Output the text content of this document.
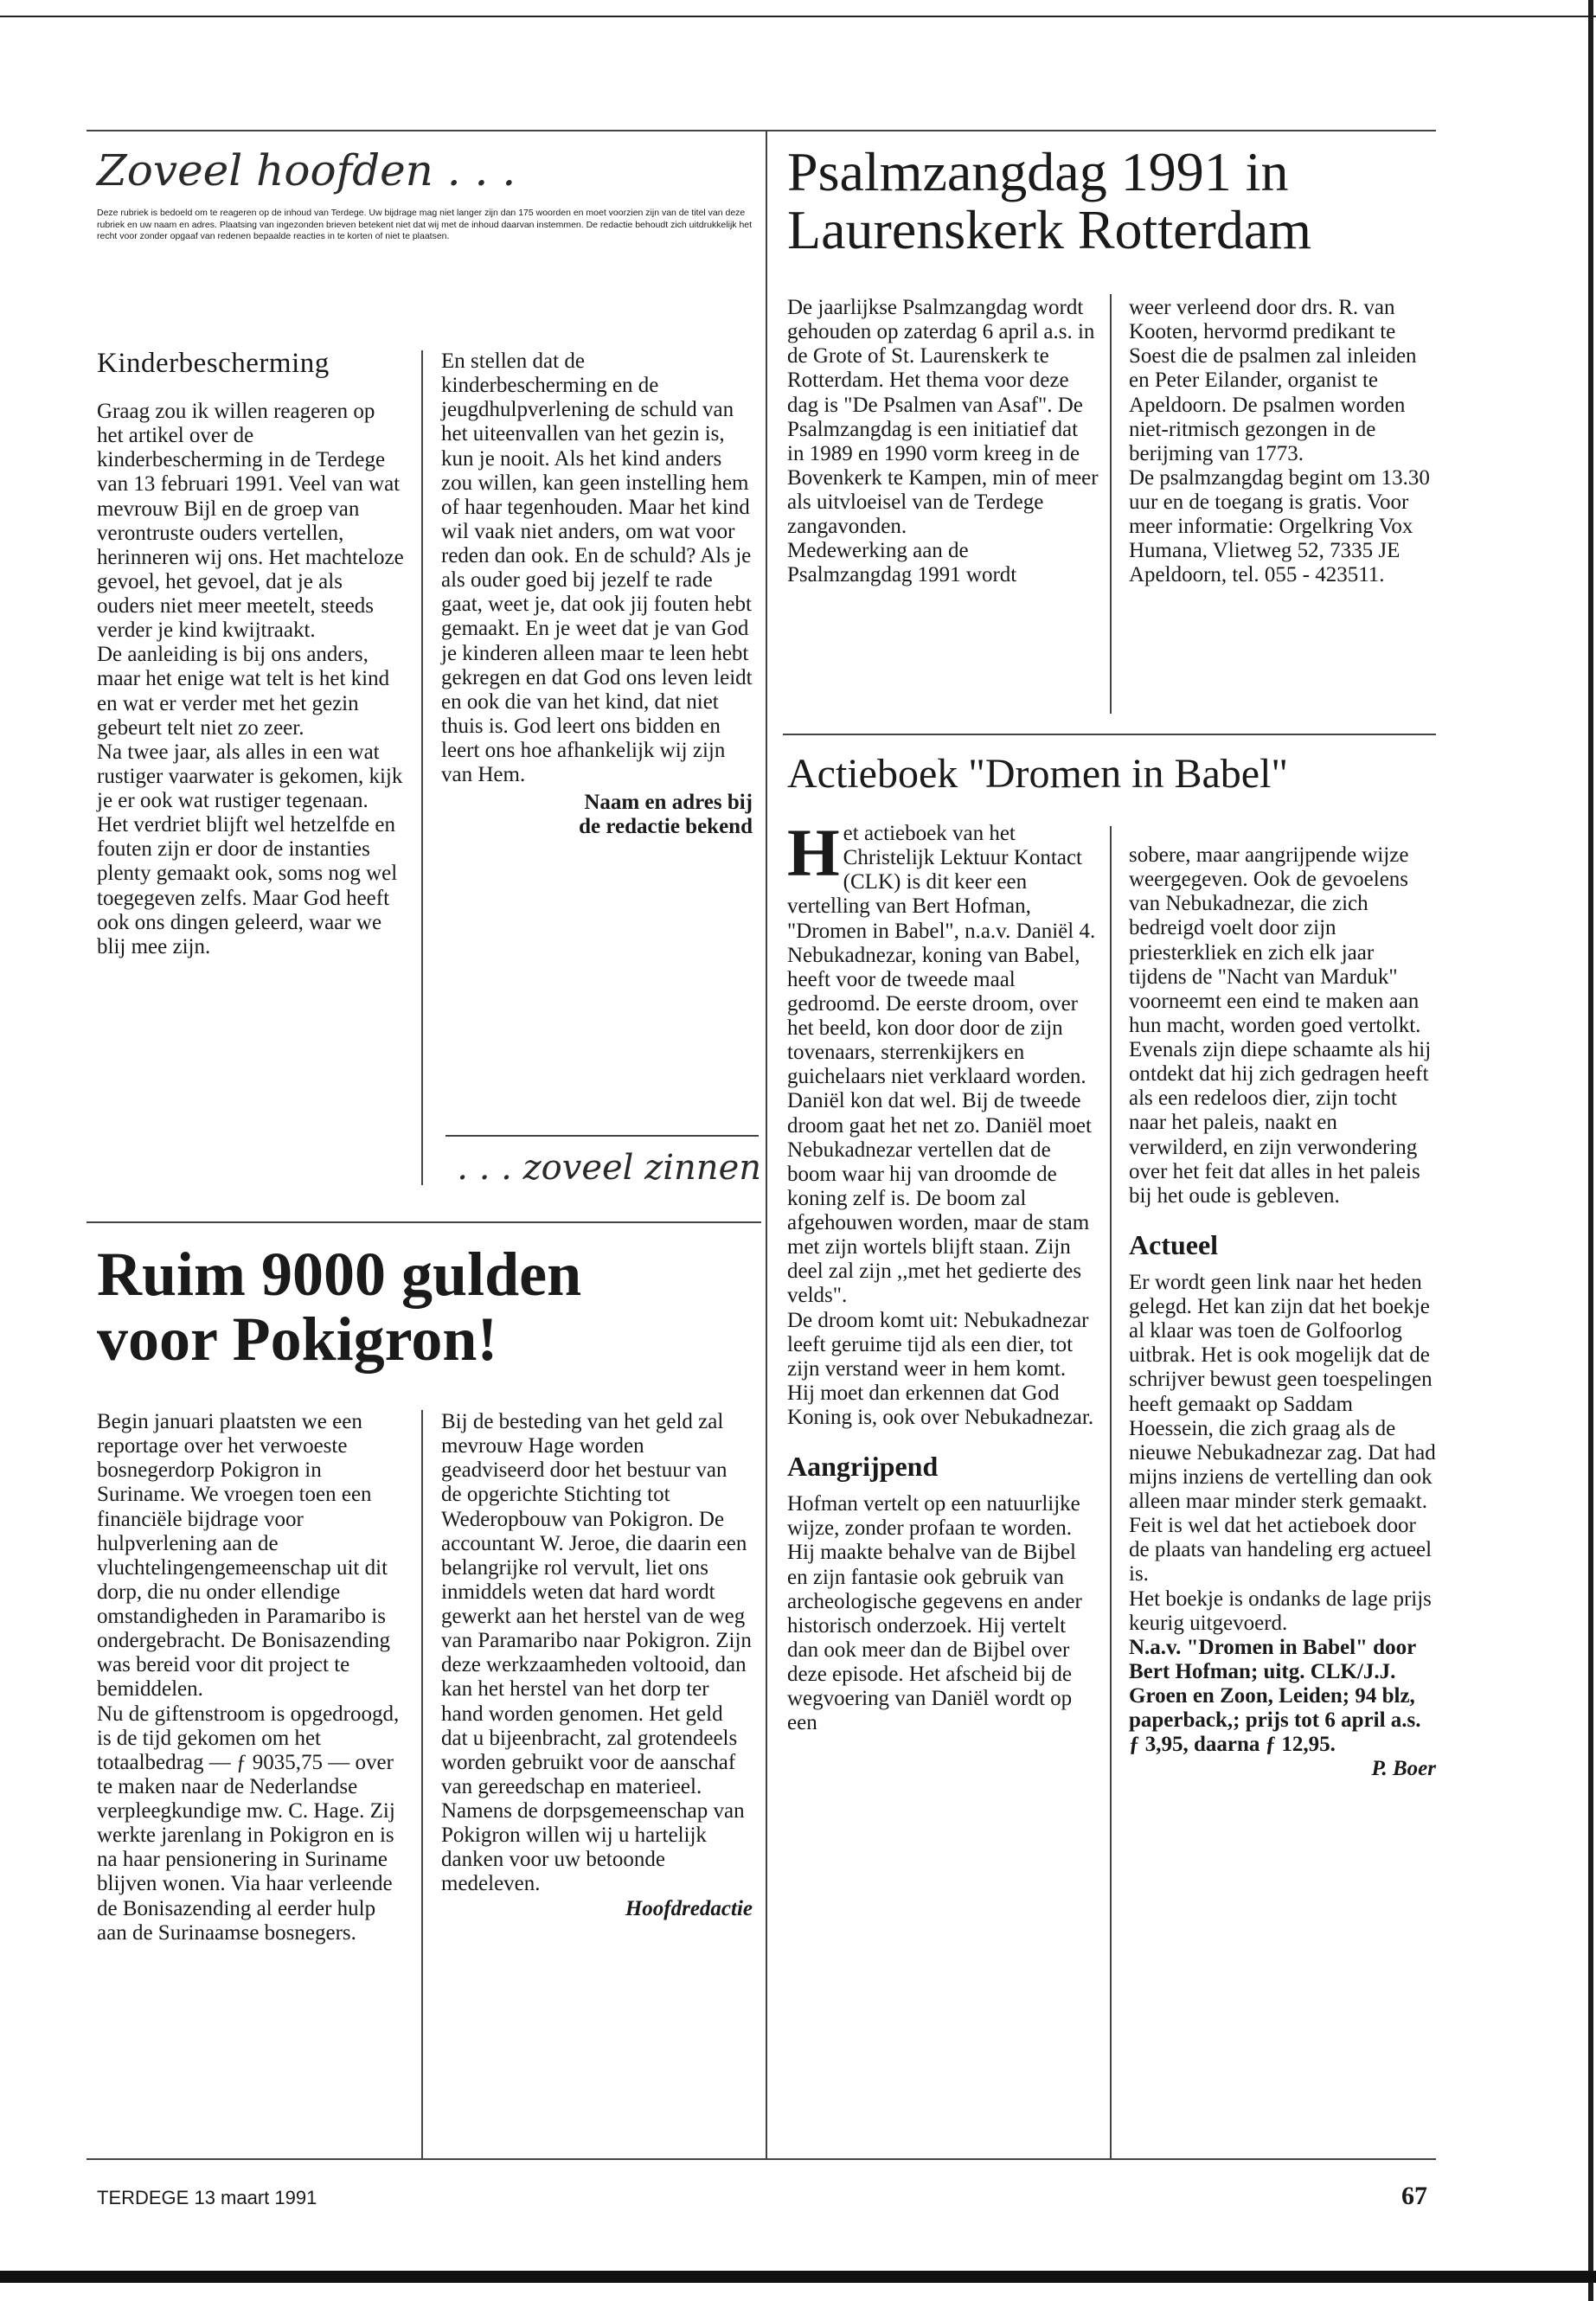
Zoveel hoofden . . .

Deze rubriek is bedoeld om te reageren op de inhoud van Terdege. Uw bijdrage mag niet langer zijn dan 175 woorden en moet voorzien zijn van de titel van deze rubriek en uw naam en adres. Plaatsing van ingezonden brieven betekent niet dat wij met de inhoud daarvan instemmen. De redactie behoudt zich uitdrukkelijk het recht voor zonder opgaaf van redenen bepaalde reacties in te korten of niet te plaatsen.

Kinderbescherming

Graag zou ik willen reageren op het artikel over de kinderbescherming in de Terdege van 13 februari 1991. Veel van wat mevrouw Bijl en de groep van verontruste ouders vertellen, herinneren wij ons. Het machteloze gevoel, het gevoel, dat je als ouders niet meer meetelt, steeds verder je kind kwijtraakt.

De aanleiding is bij ons anders, maar het enige wat telt is het kind en wat er verder met het gezin gebeurt telt niet zo zeer.

Na twee jaar, als alles in een wat rustiger vaarwater is gekomen, kijk je er ook wat rustiger tegenaan. Het verdriet blijft wel hetzelfde en fouten zijn er door de instanties plenty gemaakt ook, soms nog wel toegegeven zelfs. Maar God heeft ook ons dingen geleerd, waar we blij mee zijn.

En stellen dat de kinderbescherming en de jeugdhulpverlening de schuld van het uiteenvallen van het gezin is, kun je nooit. Als het kind anders zou willen, kan geen instelling hem of haar tegenhouden. Maar het kind wil vaak niet anders, om wat voor reden dan ook. En de schuld? Als je als ouder goed bij jezelf te rade gaat, weet je, dat ook jij fouten hebt gemaakt. En je weet dat je van God je kinderen alleen maar te leen hebt gekregen en dat God ons leven leidt en ook die van het kind, dat niet thuis is. God leert ons bidden en leert ons hoe afhankelijk wij zijn van Hem.

Naam en adres bij

de redactie bekend

. . . zoveel zinnen

Ruim 9000 gulden

voor Pokigron!

Begin januari plaatsten we een reportage over het verwoeste bosnegerdorp Pokigron in Suriname. We vroegen toen een financiële bijdrage voor hulpverlening aan de vluchtelingengemeenschap uit dit dorp, die nu onder ellendige omstandigheden in Paramaribo is ondergebracht. De Bonisazending was bereid voor dit project te bemiddelen.

Nu de giftenstroom is opgedroogd, is de tijd gekomen om het totaalbedrag — ƒ 9035,75 — over te maken naar de Nederlandse verpleegkundige mw. C. Hage. Zij werkte jarenlang in Pokigron en is na haar pensionering in Suriname blijven wonen. Via haar verleende de Bonisazending al eerder hulp aan de Surinaamse bosnegers.

Bij de besteding van het geld zal mevrouw Hage worden geadviseerd door het bestuur van de opgerichte Stichting tot Wederopbouw van Pokigron. De accountant W. Jeroe, die daarin een belangrijke rol vervult, liet ons inmiddels weten dat hard wordt gewerkt aan het herstel van de weg van Paramaribo naar Pokigron. Zijn deze werkzaamheden voltooid, dan kan het herstel van het dorp ter hand worden genomen. Het geld dat u bijeenbracht, zal grotendeels worden gebruikt voor de aanschaf van gereedschap en materieel. Namens de dorpsgemeenschap van Pokigron willen wij u hartelijk danken voor uw betoonde medeleven.

Hoofdredactie

Psalmzangdag 1991 in

Laurenskerk Rotterdam

De jaarlijkse Psalmzangdag wordt gehouden op zaterdag 6 april a.s. in de Grote of St. Laurenskerk te Rotterdam. Het thema voor deze dag is "De Psalmen van Asaf". De Psalmzangdag is een initiatief dat in 1989 en 1990 vorm kreeg in de Bovenkerk te Kampen, min of meer als uitvloeisel van de Terdege zangavonden.

Medewerking aan de Psalmzangdag 1991 wordt

weer verleend door drs. R. van Kooten, hervormd predikant te Soest die de psalmen zal inleiden en Peter Eilander, organist te Apeldoorn. De psalmen worden niet-ritmisch gezongen in de berijming van 1773.

De psalmzangdag begint om 13.30 uur en de toegang is gratis. Voor meer informatie: Orgelkring Vox Humana, Vlietweg 52, 7335 JE Apeldoorn, tel. 055 - 423511.

Actieboek "Dromen in Babel"

Het actieboek van het Christelijk Lektuur Kontact (CLK) is dit keer een vertelling van Bert Hofman, "Dromen in Babel", n.a.v. Daniël 4. Nebukadnezar, koning van Babel, heeft voor de tweede maal gedroomd. De eerste droom, over het beeld, kon door door de zijn tovenaars, sterrenkijkers en guichelaars niet verklaard worden. Daniël kon dat wel. Bij de tweede droom gaat het net zo. Daniël moet Nebukadnezar vertellen dat de boom waar hij van droomde de koning zelf is. De boom zal afgehouwen worden, maar de stam met zijn wortels blijft staan. Zijn deel zal zijn ,,met het gedierte des velds".

De droom komt uit: Nebukadnezar leeft geruime tijd als een dier, tot zijn verstand weer in hem komt. Hij moet dan erkennen dat God Koning is, ook over Nebukadnezar.

Aangrijpend

Hofman vertelt op een natuurlijke wijze, zonder profaan te worden. Hij maakte behalve van de Bijbel en zijn fantasie ook gebruik van archeologische gegevens en ander historisch onderzoek. Hij vertelt dan ook meer dan de Bijbel over deze episode. Het afscheid bij de wegvoering van Daniël wordt op een

sobere, maar aangrijpende wijze weergegeven. Ook de gevoelens van Nebukadnezar, die zich bedreigd voelt door zijn priesterkliek en zich elk jaar tijdens de "Nacht van Marduk" voorneemt een eind te maken aan hun macht, worden goed vertolkt. Evenals zijn diepe schaamte als hij ontdekt dat hij zich gedragen heeft als een redeloos dier, zijn tocht naar het paleis, naakt en verwilderd, en zijn verwondering over het feit dat alles in het paleis bij het oude is gebleven.

Actueel

Er wordt geen link naar het heden gelegd. Het kan zijn dat het boekje al klaar was toen de Golfoorlog uitbrak. Het is ook mogelijk dat de schrijver bewust geen toespelingen heeft gemaakt op Saddam Hoessein, die zich graag als de nieuwe Nebukadnezar zag. Dat had mijns inziens de vertelling dan ook alleen maar minder sterk gemaakt. Feit is wel dat het actieboek door de plaats van handeling erg actueel is.

Het boekje is ondanks de lage prijs keurig uitgevoerd.

N.a.v. "Dromen in Babel" door Bert Hofman; uitg. CLK/J.J. Groen en Zoon, Leiden; 94 blz, paperback,; prijs tot 6 april a.s. ƒ 3,95, daarna ƒ 12,95.

P. Boer

TERDEGE 13 maart 1991	67
